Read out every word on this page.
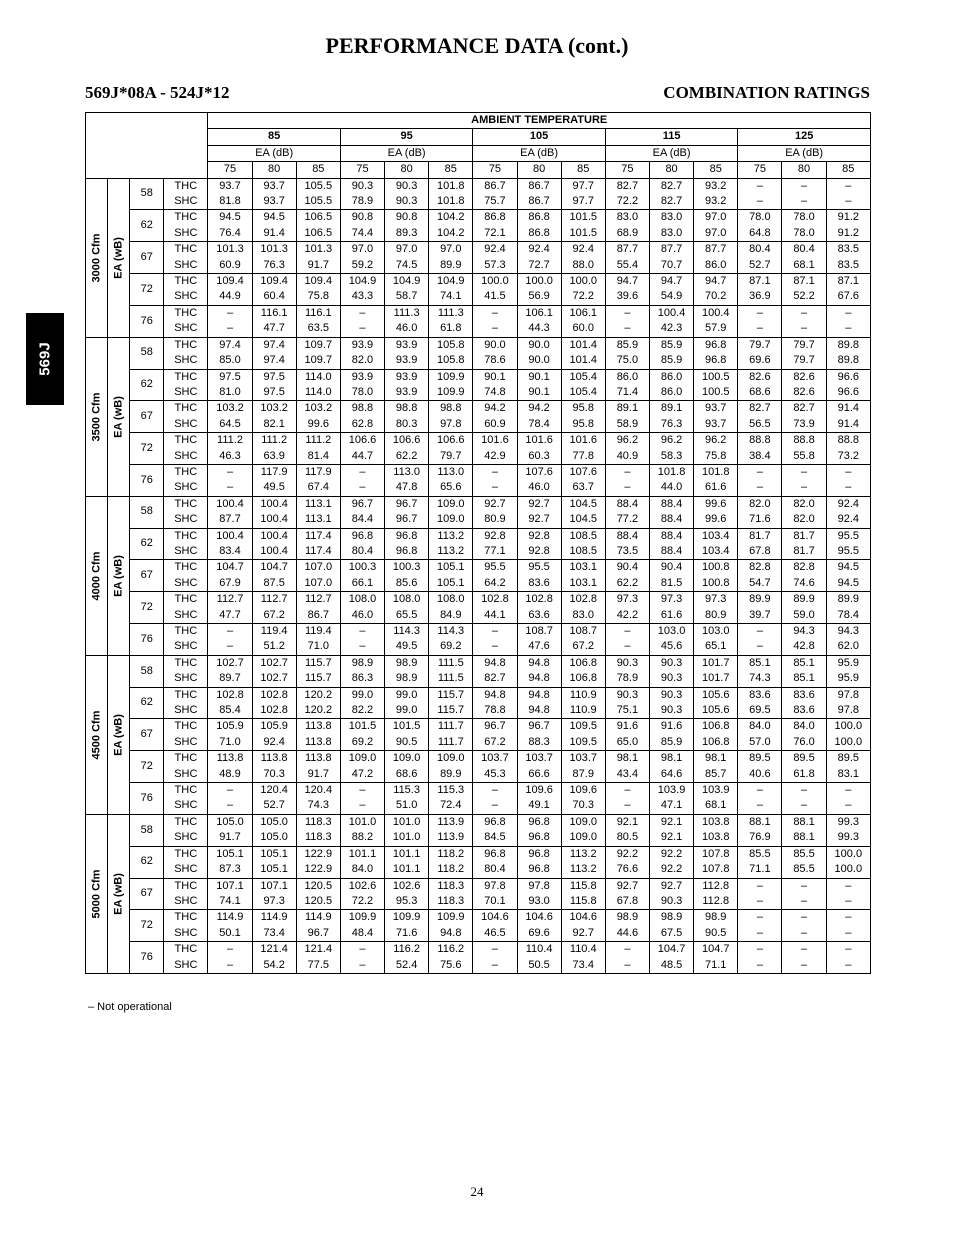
PERFORMANCE DATA (cont.)
569J*08A - 524J*12	COMBINATION RATINGS
569J
				AMBIENT TEMPERATURE														
				85			95			105			115			125		
				EA (dB)			EA (dB)			EA (dB)			EA (dB)			EA (dB)		
				75	80	85	75	80	85	75	80	85	75	80	85	75	80	85

3000 Cfm	EA (wB)	58	THC	93.7	93.7	105.5	90.3	90.3	101.8	86.7	86.7	97.7	82.7	82.7	93.2	–	–	–
			SHC	81.8	93.7	105.5	78.9	90.3	101.8	75.7	86.7	97.7	72.2	82.7	93.2	–	–	–
		62	THC	94.5	94.5	106.5	90.8	90.8	104.2	86.8	86.8	101.5	83.0	83.0	97.0	78.0	78.0	91.2
			SHC	76.4	91.4	106.5	74.4	89.3	104.2	72.1	86.8	101.5	68.9	83.0	97.0	64.8	78.0	91.2
		67	THC	101.3	101.3	101.3	97.0	97.0	97.0	92.4	92.4	92.4	87.7	87.7	87.7	80.4	80.4	83.5
			SHC	60.9	76.3	91.7	59.2	74.5	89.9	57.3	72.7	88.0	55.4	70.7	86.0	52.7	68.1	83.5
		72	THC	109.4	109.4	109.4	104.9	104.9	104.9	100.0	100.0	100.0	94.7	94.7	94.7	87.1	87.1	87.1
			SHC	44.9	60.4	75.8	43.3	58.7	74.1	41.5	56.9	72.2	39.6	54.9	70.2	36.9	52.2	67.6
		76	THC	–	116.1	116.1	–	111.3	111.3	–	106.1	106.1	–	100.4	100.4	–	–	–
			SHC	–	47.7	63.5	–	46.0	61.8	–	44.3	60.0	–	42.3	57.9	–	–	–

3500 Cfm	EA (wB)	58	THC	97.4	97.4	109.7	93.9	93.9	105.8	90.0	90.0	101.4	85.9	85.9	96.8	79.7	79.7	89.8
			SHC	85.0	97.4	109.7	82.0	93.9	105.8	78.6	90.0	101.4	75.0	85.9	96.8	69.6	79.7	89.8
		62	THC	97.5	97.5	114.0	93.9	93.9	109.9	90.1	90.1	105.4	86.0	86.0	100.5	82.6	82.6	96.6
			SHC	81.0	97.5	114.0	78.0	93.9	109.9	74.8	90.1	105.4	71.4	86.0	100.5	68.6	82.6	96.6
		67	THC	103.2	103.2	103.2	98.8	98.8	98.8	94.2	94.2	95.8	89.1	89.1	93.7	82.7	82.7	91.4
			SHC	64.5	82.1	99.6	62.8	80.3	97.8	60.9	78.4	95.8	58.9	76.3	93.7	56.5	73.9	91.4
		72	THC	111.2	111.2	111.2	106.6	106.6	106.6	101.6	101.6	101.6	96.2	96.2	96.2	88.8	88.8	88.8
			SHC	46.3	63.9	81.4	44.7	62.2	79.7	42.9	60.3	77.8	40.9	58.3	75.8	38.4	55.8	73.2
		76	THC	–	117.9	117.9	–	113.0	113.0	–	107.6	107.6	–	101.8	101.8	–	–	–
			SHC	–	49.5	67.4	–	47.8	65.6	–	46.0	63.7	–	44.0	61.6	–	–	–

4000 Cfm	EA (wB)	58	THC	100.4	100.4	113.1	96.7	96.7	109.0	92.7	92.7	104.5	88.4	88.4	99.6	82.0	82.0	92.4
			SHC	87.7	100.4	113.1	84.4	96.7	109.0	80.9	92.7	104.5	77.2	88.4	99.6	71.6	82.0	92.4
		62	THC	100.4	100.4	117.4	96.8	96.8	113.2	92.8	92.8	108.5	88.4	88.4	103.4	81.7	81.7	95.5
			SHC	83.4	100.4	117.4	80.4	96.8	113.2	77.1	92.8	108.5	73.5	88.4	103.4	67.8	81.7	95.5
		67	THC	104.7	104.7	107.0	100.3	100.3	105.1	95.5	95.5	103.1	90.4	90.4	100.8	82.8	82.8	94.5
			SHC	67.9	87.5	107.0	66.1	85.6	105.1	64.2	83.6	103.1	62.2	81.5	100.8	54.7	74.6	94.5
		72	THC	112.7	112.7	112.7	108.0	108.0	108.0	102.8	102.8	102.8	97.3	97.3	97.3	89.9	89.9	89.9
			SHC	47.7	67.2	86.7	46.0	65.5	84.9	44.1	63.6	83.0	42.2	61.6	80.9	39.7	59.0	78.4
		76	THC	–	119.4	119.4	–	114.3	114.3	–	108.7	108.7	–	103.0	103.0	–	94.3	94.3
			SHC	–	51.2	71.0	–	49.5	69.2	–	47.6	67.2	–	45.6	65.1	–	42.8	62.0

4500 Cfm	EA (wB)	58	THC	102.7	102.7	115.7	98.9	98.9	111.5	94.8	94.8	106.8	90.3	90.3	101.7	85.1	85.1	95.9
			SHC	89.7	102.7	115.7	86.3	98.9	111.5	82.7	94.8	106.8	78.9	90.3	101.7	74.3	85.1	95.9
		62	THC	102.8	102.8	120.2	99.0	99.0	115.7	94.8	94.8	110.9	90.3	90.3	105.6	83.6	83.6	97.8
			SHC	85.4	102.8	120.2	82.2	99.0	115.7	78.8	94.8	110.9	75.1	90.3	105.6	69.5	83.6	97.8
		67	THC	105.9	105.9	113.8	101.5	101.5	111.7	96.7	96.7	109.5	91.6	91.6	106.8	84.0	84.0	100.0
			SHC	71.0	92.4	113.8	69.2	90.5	111.7	67.2	88.3	109.5	65.0	85.9	106.8	57.0	76.0	100.0
		72	THC	113.8	113.8	113.8	109.0	109.0	109.0	103.7	103.7	103.7	98.1	98.1	98.1	89.5	89.5	89.5
			SHC	48.9	70.3	91.7	47.2	68.6	89.9	45.3	66.6	87.9	43.4	64.6	85.7	40.6	61.8	83.1
		76	THC	–	120.4	120.4	–	115.3	115.3	–	109.6	109.6	–	103.9	103.9	–	–	–
			SHC	–	52.7	74.3	–	51.0	72.4	–	49.1	70.3	–	47.1	68.1	–	–	–

5000 Cfm	EA (wB)	58	THC	105.0	105.0	118.3	101.0	101.0	113.9	96.8	96.8	109.0	92.1	92.1	103.8	88.1	88.1	99.3
			SHC	91.7	105.0	118.3	88.2	101.0	113.9	84.5	96.8	109.0	80.5	92.1	103.8	76.9	88.1	99.3
		62	THC	105.1	105.1	122.9	101.1	101.1	118.2	96.8	96.8	113.2	92.2	92.2	107.8	85.5	85.5	100.0
			SHC	87.3	105.1	122.9	84.0	101.1	118.2	80.4	96.8	113.2	76.6	92.2	107.8	71.1	85.5	100.0
		67	THC	107.1	107.1	120.5	102.6	102.6	118.3	97.8	97.8	115.8	92.7	92.7	112.8	–	–	–
			SHC	74.1	97.3	120.5	72.2	95.3	118.3	70.1	93.0	115.8	67.8	90.3	112.8	–	–	–
		72	THC	114.9	114.9	114.9	109.9	109.9	109.9	104.6	104.6	104.6	98.9	98.9	98.9	–	–	–
			SHC	50.1	73.4	96.7	48.4	71.6	94.8	46.5	69.6	92.7	44.6	67.5	90.5	–	–	–
		76	THC	–	121.4	121.4	–	116.2	116.2	–	110.4	110.4	–	104.7	104.7	–	–	–
			SHC	–	54.2	77.5	–	52.4	75.6	–	50.5	73.4	–	48.5	71.1	–	–	–
– Not operational
24
